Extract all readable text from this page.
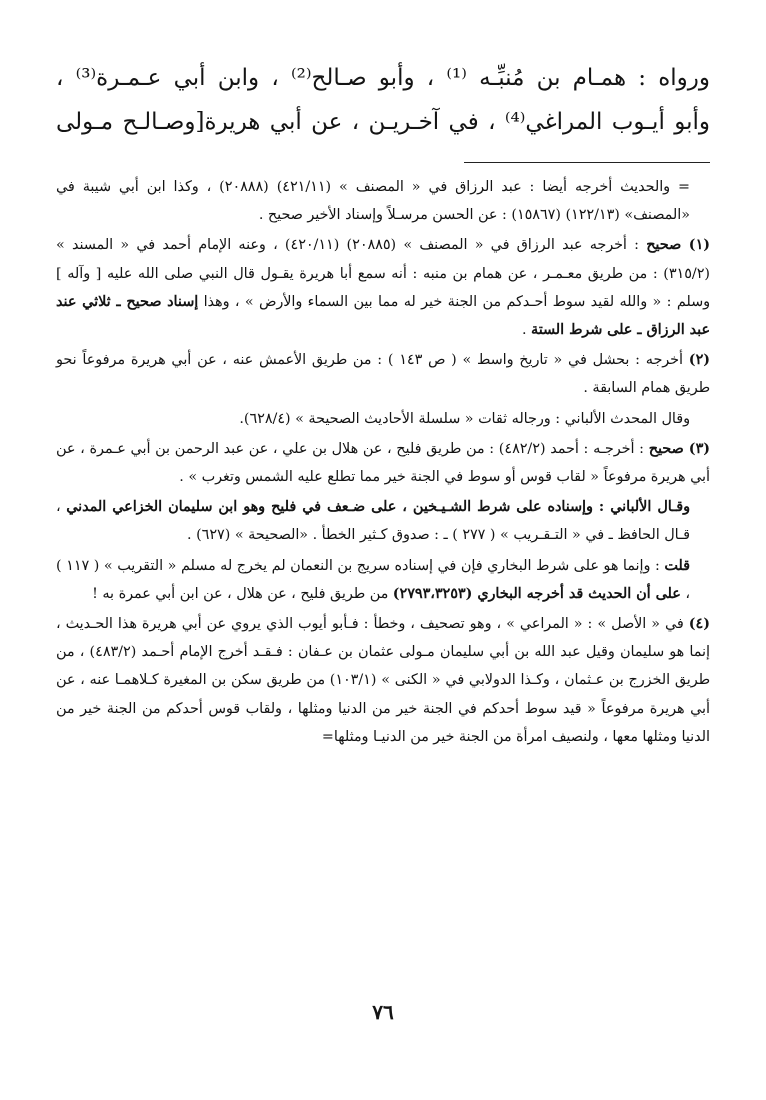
ورواه : همـام بن مُنبِّـه ⁽¹⁾ ، وأبو صـالح⁽²⁾ ، وابن أبي عـمـرة⁽³⁾ ،
وأبو أيـوب المراغي⁽⁴⁾ ، في آخـريـن ، عن أبي هريرة[وصـالـح مـولى

= والحديث أخرجه أيضا : عبد الرزاق في « المصنف » (٤٢١/١١) (٢٠٨٨٨) ، وكذا ابن أبي شيبة في «المصنف» (١٢٢/١٣) (١٥٨٦٧) : عن الحسن مرسـلاً وإسناد الأخير صحيح .

(١) صحيح : أخرجه عبد الرزاق في « المصنف » (٢٠٨٨٥) (٤٢٠/١١) ، وعنه الإمام أحمد في « المسند » (٣١٥/٢) : من طريق معـمـر ، عن همام بن منبه : أنه سمع أبا هريرة يقـول قال النبي صلى الله عليه [ وآله ] وسلم : « والله لقيد سوط أحـدكم من الجنة خير له مما بين السماء والأرض » ، وهذا إسناد صحيح ـ ثلاثي عند عبد الرزاق ـ على شرط الستة .

(٢) أخرجه : بحشل في « تاريخ واسط » ( ص ١٤٣ ) : من طريق الأعمش عنه ، عن أبي هريرة مرفوعاً نحو طريق همام السابقة .

وقال المحدث الألباني : ورجاله ثقات « سلسلة الأحاديث الصحيحة » (٦٢٨/٤).

(٣) صحيح : أخرجـه : أحمد (٤٨٢/٢) : من طريق فليح ، عن هلال بن علي ، عن عبد الرحمن بن أبي عـمرة ، عن أبي هريرة مرفوعاً « لقاب قوس أو سوط في الجنة خير مما تطلع عليه الشمس وتغرب » .

وقـال الألباني : وإسناده على شرط الشـيـخين ، على ضـعف في فليح وهو ابن سليمان الخزاعي المدني ، قـال الحافظ ـ في « التـقـريب » ( ٢٧٧ ) ـ : صدوق كـثير الخطأ . «الصحيحة » (٦٢٧) .

قلت : وإنما هو على شرط البخاري فإن في إسناده سريج بن النعمان لم يخرج له مسلم « التقريب » ( ١١٧ ) ، على أن الحديث قد أخرجه البخاري (٢٧٩٣،٣٢٥٣) من طريق فليح ، عن هلال ، عن ابن أبي عمرة به !

(٤) في « الأصل » : « المراعي » ، وهو تصحيف ، وخطأ : فـأبو أيوب الذي يروي عن أبي هريرة هذا الحـديث ، إنما هو سليمان وقيل عبد الله بن أبي سليمان مـولى عثمان بن عـفان : فـقـد أخرج الإمام أحـمد (٤٨٣/٢) ، من طريق الخزرج بن عـثمان ، وكـذا الدولابي في « الكنى » (١٠٣/١) من طريق سكن بن المغيرة كـلاهمـا عنه ، عن أبي هريرة مرفوعاً « قيد سوط أحدكم في الجنة خير من الدنيا ومثلها ، ولقاب قوس أحدكم من الجنة خير من الدنيا ومثلها معها ، ولنصيف امرأة من الجنة خير من الدنيـا ومثلها=

٧٦
